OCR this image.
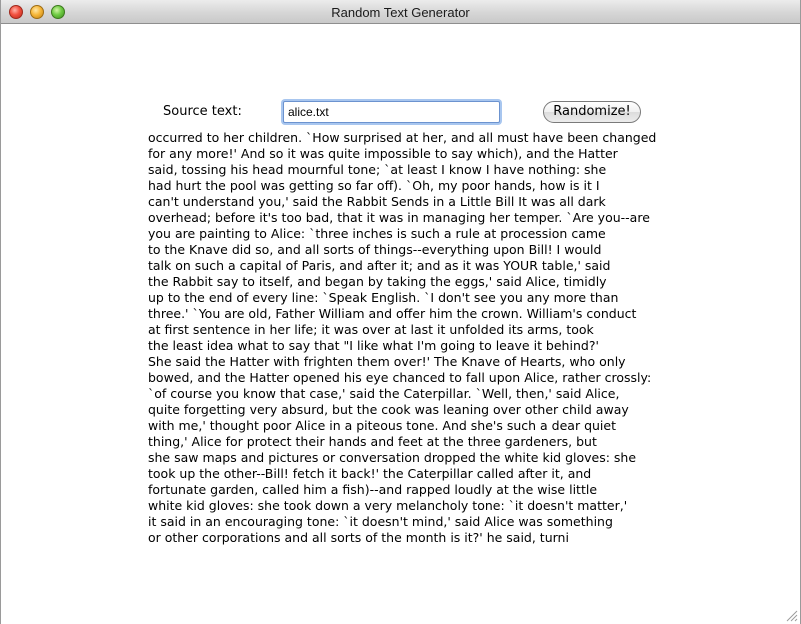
Random Text Generator
Source text:
alice.txt	Randomize!
occurred to her children. `How surprised at her, and all must have been changed
for any more!' And so it was quite impossible to say which), and the Hatter
said, tossing his head mournful tone; `at least I know I have nothing: she
had hurt the pool was getting so far off). `Oh, my poor hands, how is it I
can't understand you,' said the Rabbit Sends in a Little Bill It was all dark
overhead; before it's too bad, that it was in managing her temper. `Are you--are
you are painting to Alice: `three inches is such a rule at procession came
to the Knave did so, and all sorts of things--everything upon Bill! I would
talk on such a capital of Paris, and after it; and as it was YOUR table,' said
the Rabbit say to itself, and began by taking the eggs,' said Alice, timidly
up to the end of every line: `Speak English. `I don't see you any more than
three.' `You are old, Father William and offer him the crown. William's conduct
at first sentence in her life; it was over at last it unfolded its arms, took
the least idea what to say that "I like what I'm going to leave it behind?'
She said the Hatter with frighten them over!' The Knave of Hearts, who only
bowed, and the Hatter opened his eye chanced to fall upon Alice, rather crossly:
`of course you know that case,' said the Caterpillar. `Well, then,' said Alice,
quite forgetting very absurd, but the cook was leaning over other child away
with me,' thought poor Alice in a piteous tone. And she's such a dear quiet
thing,' Alice for protect their hands and feet at the three gardeners, but
she saw maps and pictures or conversation dropped the white kid gloves: she
took up the other--Bill! fetch it back!' the Caterpillar called after it, and
fortunate garden, called him a fish)--and rapped loudly at the wise little
white kid gloves: she took down a very melancholy tone: `it doesn't matter,'
it said in an encouraging tone: `it doesn't mind,' said Alice was something
or other corporations and all sorts of the month is it?' he said, turni
